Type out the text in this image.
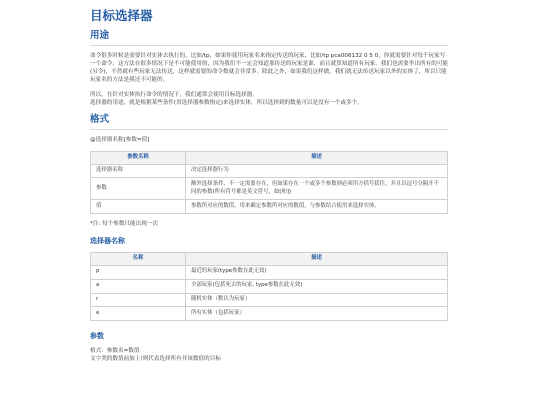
目标选择器
用途

命令很多时候是需要针对实体去执行的，比如/tp，如果你使用玩家名来指定传送的玩家，比如/tp pca006132 0 5 0，你就需要针对每个玩家写一个命令，这方法在很多情况下是不可能使用的，因为我们不一定会知道那传送的玩家是谁，而且就算知道所有玩家，我们也需要坐出所有的可能(另令)，不然就有些玩家无法传送，这样就需要的命令数就会非常多。除此之外，如果我们这样做，我们就无法传送玩家以外的实体了，所以只能玩家名的方法是摸还不可能的。

所以，在针对实体执行命令的情况下，我们通常会使用目标选择器。
选择器的用途，就是根据某些条件(用选择器参数指定)来选择实体，所以选择到的数量可以是没有一个或多个。

格式

@选择器名称[参数=值]

参数名称	描述
选择器名称	决定选择器行为
参数	额外选择条件，不一定需要存在，但如果存在一个或多个参数则必须用方括号括住，并且以逗号分隔开不同的参数(所有符号都是英文符号，如[和])
值	参数所对应的数值，用来确定参数所对应的数值，与参数结合使用来选择实体。

*注: 每个参数只能出现一次

选择器名称
名称	描述
p	最近的玩家(type参数在此无效)
a	全部玩家(包括死去的玩家, type参数在此无效)
r	随机实体（默认为玩家）
e	所有实体（包括玩家）
参数

格式：参数名=数值
文字类的数值前加上!则代表选择所有非该数值的目标
